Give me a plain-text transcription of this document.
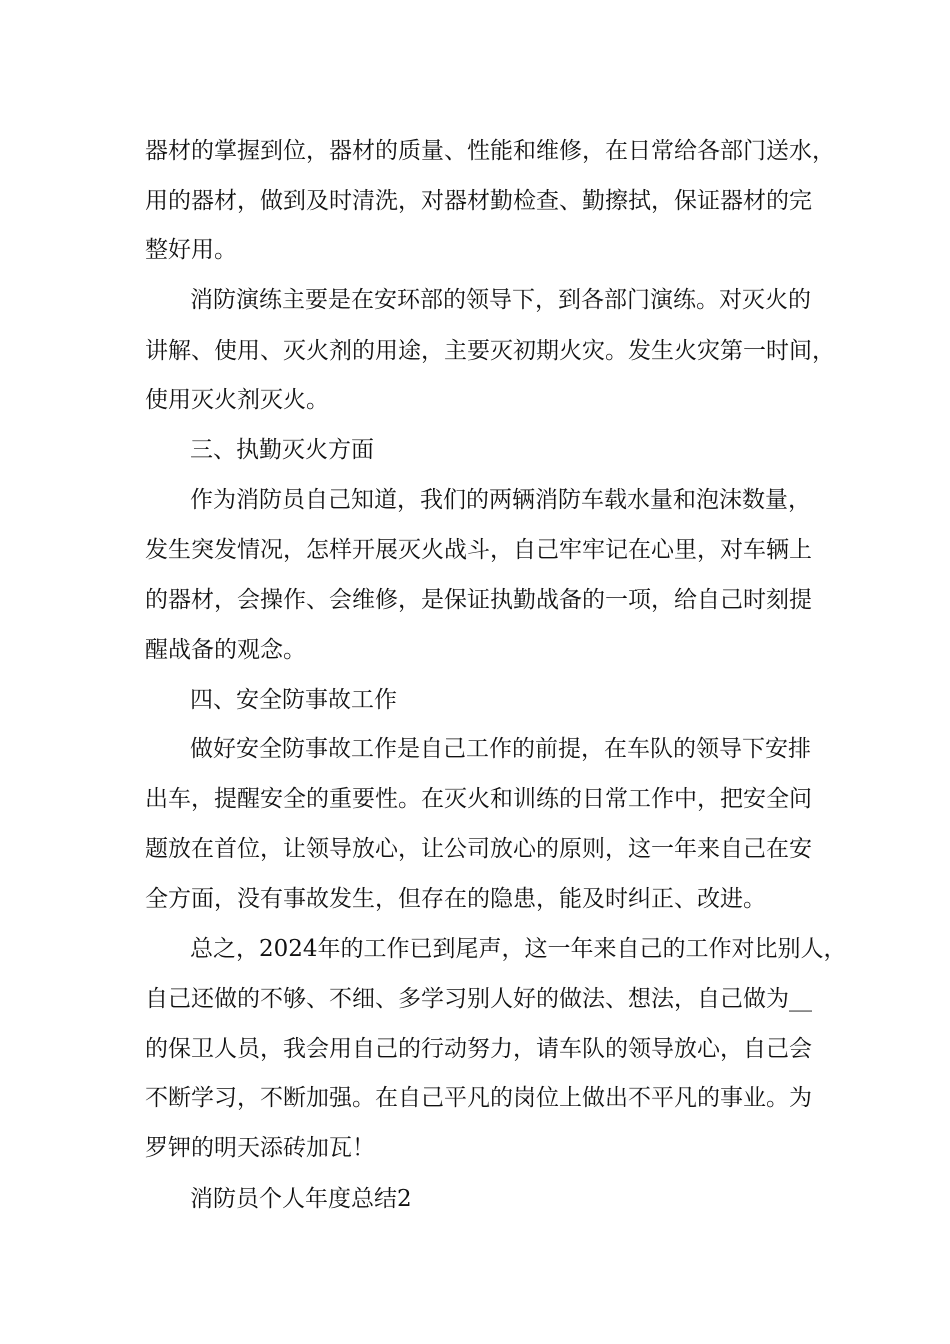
器材的掌握到位，器材的质量、性能和维修，在日常给各部门送水，
用的器材，做到及时清洗，对器材勤检查、勤擦拭，保证器材的完
整好用。
消防演练主要是在安环部的领导下，到各部门演练。对灭火的
讲解、使用、灭火剂的用途，主要灭初期火灾。发生火灾第一时间，
使用灭火剂灭火。
三、执勤灭火方面
作为消防员自己知道，我们的两辆消防车载水量和泡沫数量，
发生突发情况，怎样开展灭火战斗，自己牢牢记在心里，对车辆上
的器材，会操作、会维修，是保证执勤战备的一项，给自己时刻提
醒战备的观念。
四、安全防事故工作
做好安全防事故工作是自己工作的前提，在车队的领导下安排
出车，提醒安全的重要性。在灭火和训练的日常工作中，把安全问
题放在首位，让领导放心，让公司放心的原则，这一年来自己在安
全方面，没有事故发生，但存在的隐患，能及时纠正、改进。
总之，2024年的工作已到尾声，这一年来自己的工作对比别人，
自己还做的不够、不细、多学习别人好的做法、想法，自己做为__
的保卫人员，我会用自己的行动努力，请车队的领导放心，自己会
不断学习，不断加强。在自己平凡的岗位上做出不平凡的事业。为
罗钾的明天添砖加瓦！
消防员个人年度总结2
